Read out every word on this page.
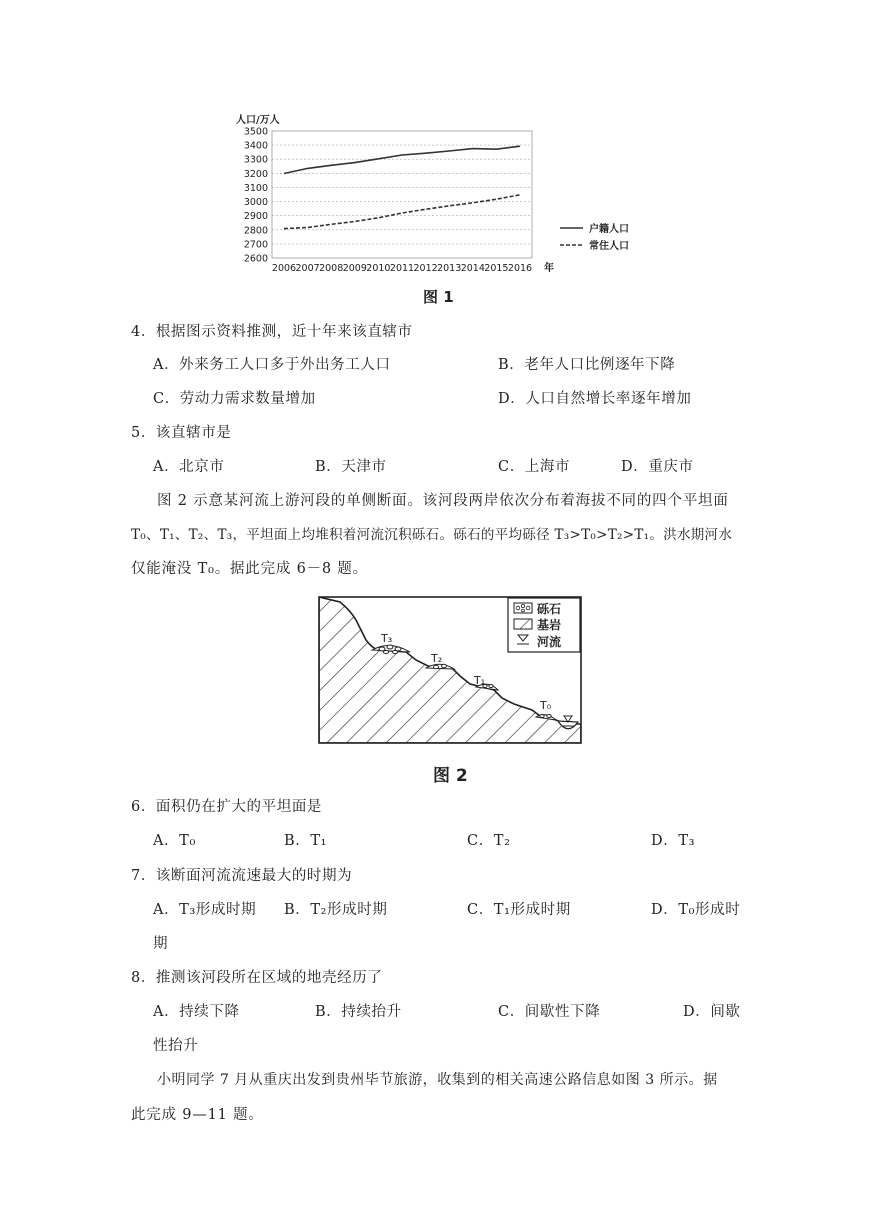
人口/万人
3500
3400
3300
3200
3100
3000
2900
2800
2700
2600
2006 2007 2008 2009 2010 2011 2012 2013 2014 2015 2016 年
户籍人口
常住人口
图 1
4．根据图示资料推测，近十年来该直辖市
A．外来务工人口多于外出务工人口	B．老年人口比例逐年下降
C．劳动力需求数量增加	D．人口自然增长率逐年增加
5．该直辖市是
A．北京市	B．天津市	C．上海市	D．重庆市
图 2 示意某河流上游河段的单侧断面。该河段两岸依次分布着海拔不同的四个平坦面
T₀、T₁、T₂、T₃，平坦面上均堆积着河流沉积砾石。砾石的平均砾径 T₃>T₀>T₂>T₁。洪水期河水
仅能淹没 T₀。据此完成 6－8 题。
T₃
T₂
T₁
T₀
砾石
基岩
河流
图 2
6．面积仍在扩大的平坦面是
A．T₀	B．T₁	C．T₂	D．T₃
7．该断面河流流速最大的时期为
A．T₃形成时期 B．T₂形成时期	C．T₁形成时期	D．T₀形成时
期
8．推测该河段所在区域的地壳经历了
A．持续下降	B．持续抬升	C．间歇性下降	D．间歇
性抬升
小明同学 7 月从重庆出发到贵州毕节旅游，收集到的相关高速公路信息如图 3 所示。据
此完成 9—11 题。
